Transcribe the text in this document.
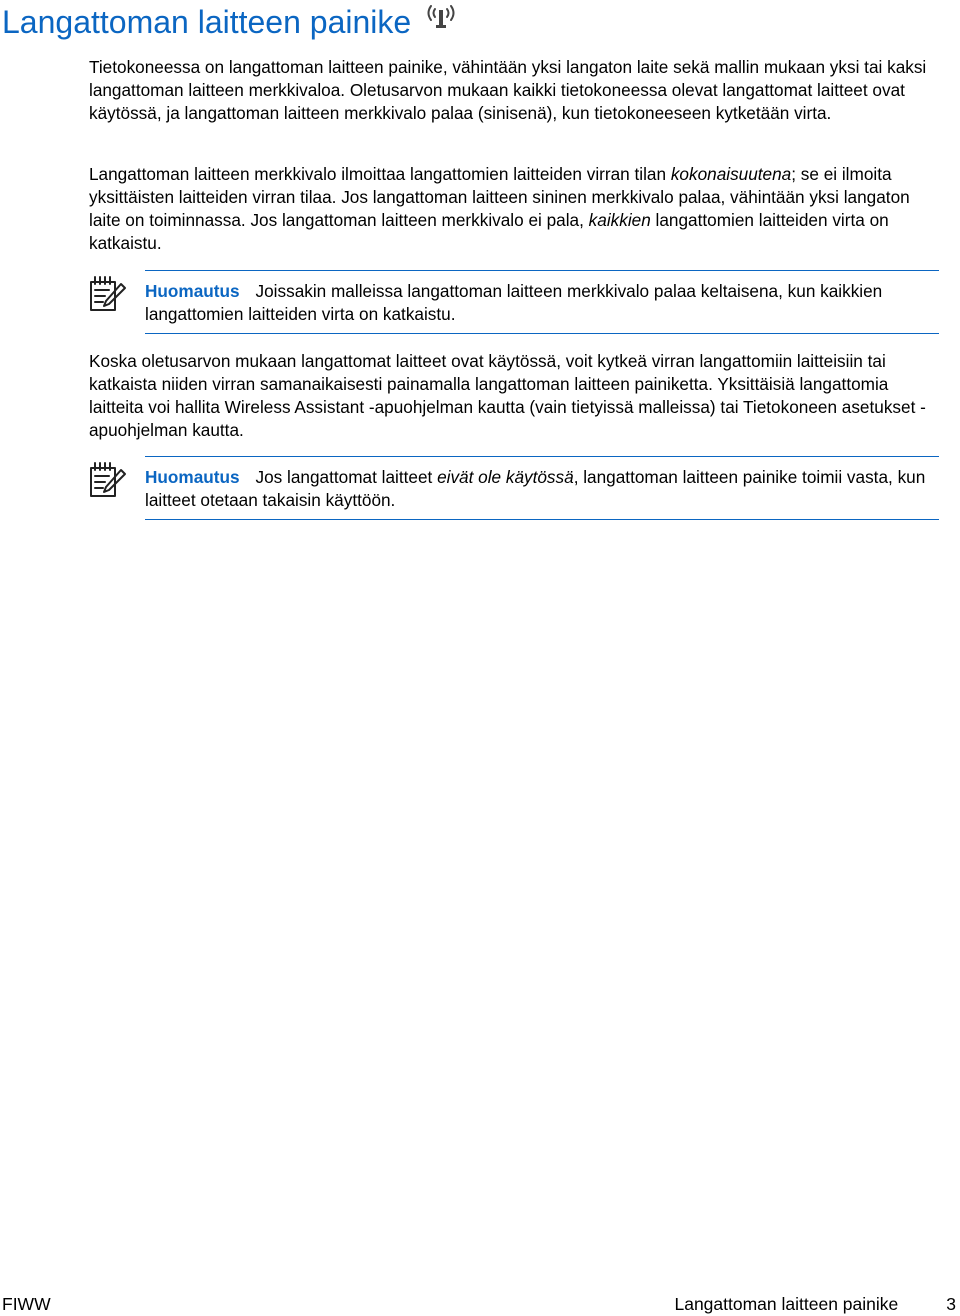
Langattoman laitteen painike

Tietokoneessa on langattoman laitteen painike, vähintään yksi langaton laite sekä mallin mukaan yksi tai kaksi langattoman laitteen merkkivaloa. Oletusarvon mukaan kaikki tietokoneessa olevat langattomat laitteet ovat käytössä, ja langattoman laitteen merkkivalo palaa (sinisenä), kun tietokoneeseen kytketään virta.

Langattoman laitteen merkkivalo ilmoittaa langattomien laitteiden virran tilan kokonaisuutena; se ei ilmoita yksittäisten laitteiden virran tilaa. Jos langattoman laitteen sininen merkkivalo palaa, vähintään yksi langaton laite on toiminnassa. Jos langattoman laitteen merkkivalo ei pala, kaikkien langattomien laitteiden virta on katkaistu.

Huomautus Joissakin malleissa langattoman laitteen merkkivalo palaa keltaisena, kun kaikkien langattomien laitteiden virta on katkaistu.

Koska oletusarvon mukaan langattomat laitteet ovat käytössä, voit kytkeä virran langattomiin laitteisiin tai katkaista niiden virran samanaikaisesti painamalla langattoman laitteen painiketta. Yksittäisiä langattomia laitteita voi hallita Wireless Assistant -apuohjelman kautta (vain tietyissä malleissa) tai Tietokoneen asetukset -apuohjelman kautta.

Huomautus Jos langattomat laitteet eivät ole käytössä, langattoman laitteen painike toimii vasta, kun laitteet otetaan takaisin käyttöön.

FIWW	Langattoman laitteen painike	3
